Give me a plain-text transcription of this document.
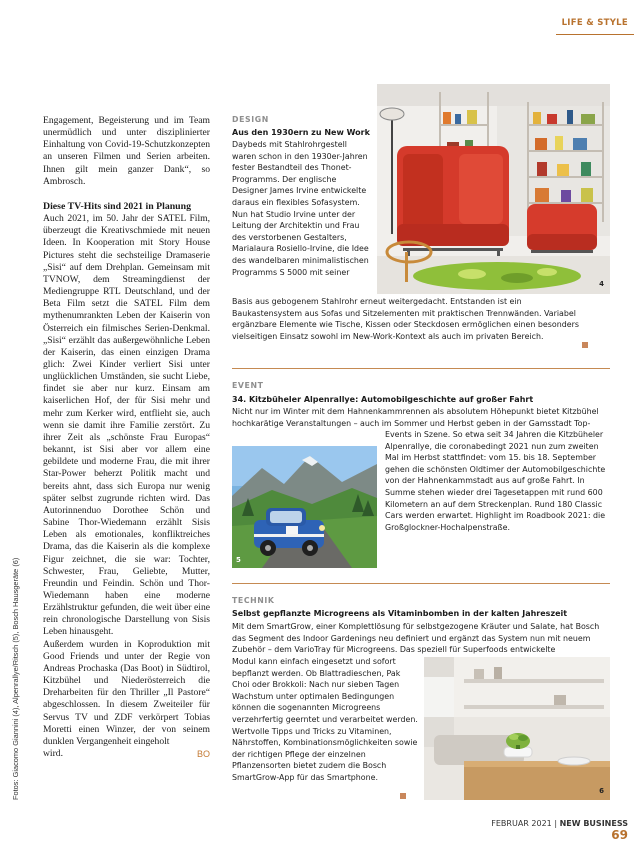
LIFE & STYLE
Fotos: Giacomo Giannini (4), Alpenrallye/Ritsch (5), Bosch Hausgeräte (6)

Engagement, Begeisterung und im Team unermüdlich und unter disziplinierter Einhaltung von Covid-19-Schutzkonzepten an unseren Filmen und Serien arbeiten. Ihnen gilt mein ganzer Dank“, so Ambrosch.

Diese TV-Hits sind 2021 in Planung

Auch 2021, im 50. Jahr der SATEL Film, überzeugt die Kreativschmiede mit neuen Ideen. In Kooperation mit Story House Pictures steht die sechsteilige Dramaserie „Sisi“ auf dem Drehplan. Gemeinsam mit TVNOW, dem Streamingdienst der Mediengruppe RTL Deutschland, und der Beta Film setzt die SATEL Film dem mythenumrankten Leben der Kaiserin von Österreich ein filmisches Serien-Denkmal. „Sisi“ erzählt das außergewöhnliche Leben der Kaiserin, das einen einzigen Drama glich: Zwei Kinder verliert Sisi unter unglücklichen Umständen, sie sucht Liebe, findet sie aber nur kurz. Einsam am kaiserlichen Hof, der für Sisi mehr und mehr zum Kerker wird, entflieht sie, auch wenn sie damit ihre Familie zerstört. Zu ihrer Zeit als „schönste Frau Europas“ bekannt, ist Sisi aber vor allem eine gebildete und moderne Frau, die mit ihrer Star-Power beherzt Politik macht und bereits ahnt, dass sich Europa nur wenig später selbst zugrunde richten wird. Das Autorinnenduo Dorothee Schön und Sabine Thor-Wiedemann erzählt Sisis Leben als emotionales, konfliktreiches Drama, das die Kaiserin als die komplexe Figur zeichnet, die sie war: Tochter, Schwester, Frau, Geliebte, Mutter, Freundin und Feindin. Schön und Thor-Wiedemann haben eine moderne Erzählstruktur gefunden, die weit über eine rein chronologische Darstellung von Sisis Leben hinausgeht.

Außerdem wurden in Koproduktion mit Good Friends und unter der Regie von Andreas Prochaska (Das Boot) in Südtirol, Kitzbühel und Niederösterreich die Dreharbeiten für den Thriller „Il Pastore“ abgeschlossen. In diesem Zweiteiler für Servus TV und ZDF verkörpert Tobias Moretti einen Winzer, der von seinem dunklen Vergangenheit eingeholt

wird.	BO
DESIGN
Aus den 1930ern zu New Work
Daybeds mit Stahlrohrgestell waren schon in den 1930er-Jahren fester Bestandteil des Thonet-Programms. Der englische Designer James Irvine entwickelte daraus ein flexibles Sofasystem. Nun hat Studio Irvine unter der Leitung der Architektin und Frau des verstorbenen Gestalters, Marialaura Rosiello-Irvine, die Idee des wandelbaren minimalistischen Programms S 5000 mit seiner
4
Basis aus gebogenem Stahlrohr erneut weitergedacht. Entstanden ist ein Baukastensystem aus Sofas und Sitzelementen mit praktischen Trennwänden. Variabel ergänzbare Elemente wie Tische, Kissen oder Steckdosen ermöglichen einen besonders vielseitigen Einsatz sowohl im New-Work-Kontext als auch im privaten Bereich.
EVENT
34. Kitzbüheler Alpenrallye: Automobilgeschichte auf großer Fahrt
Nicht nur im Winter mit dem Hahnenkammrennen als absolutem Höhepunkt bietet Kitzbühel hochkarätige Veranstaltungen – auch im Sommer und Herbst geben in der Gamsstadt Top-
5
Events in Szene. So etwa seit 34 Jahren die Kitzbüheler Alpenrallye, die coronabedingt 2021 nun zum zweiten Mal im Herbst stattfindet: vom 15. bis 18. September gehen die schönsten Oldtimer der Automobilgeschichte von der Hahnenkammstadt aus auf große Fahrt. In Summe stehen wieder drei Tagesetappen mit rund 600 Kilometern an auf dem Streckenplan. Rund 180 Classic Cars werden erwartet. Highlight im Roadbook 2021: die Großglockner-Hochalpenstraße.
TECHNIK
Selbst gepflanzte Microgreens als Vitaminbomben in der kalten Jahreszeit
Mit dem SmartGrow, einer Komplettlösung für selbstgezogene Kräuter und Salate, hat Bosch das Segment des Indoor Gardenings neu definiert und ergänzt das System nun mit neuem Zubehör – dem VarioTray für Microgreens. Das speziell für Superfoods entwickelte
Modul kann einfach eingesetzt und sofort bepflanzt werden. Ob Blattradieschen, Pak Choi oder Brokkoli: Nach nur sieben Tagen Wachstum unter optimalen Bedingungen können die sogenannten Microgreens verzehrfertig geerntet und verarbeitet werden. Wertvolle Tipps und Tricks zu Vitaminen, Nährstoffen, Kombinationsmöglichkeiten sowie der richtigen Pflege der einzelnen Pflanzensorten bietet zudem die Bosch SmartGrow-App für das Smartphone.
6
FEBRUAR 2021 | NEW BUSINESS 69
